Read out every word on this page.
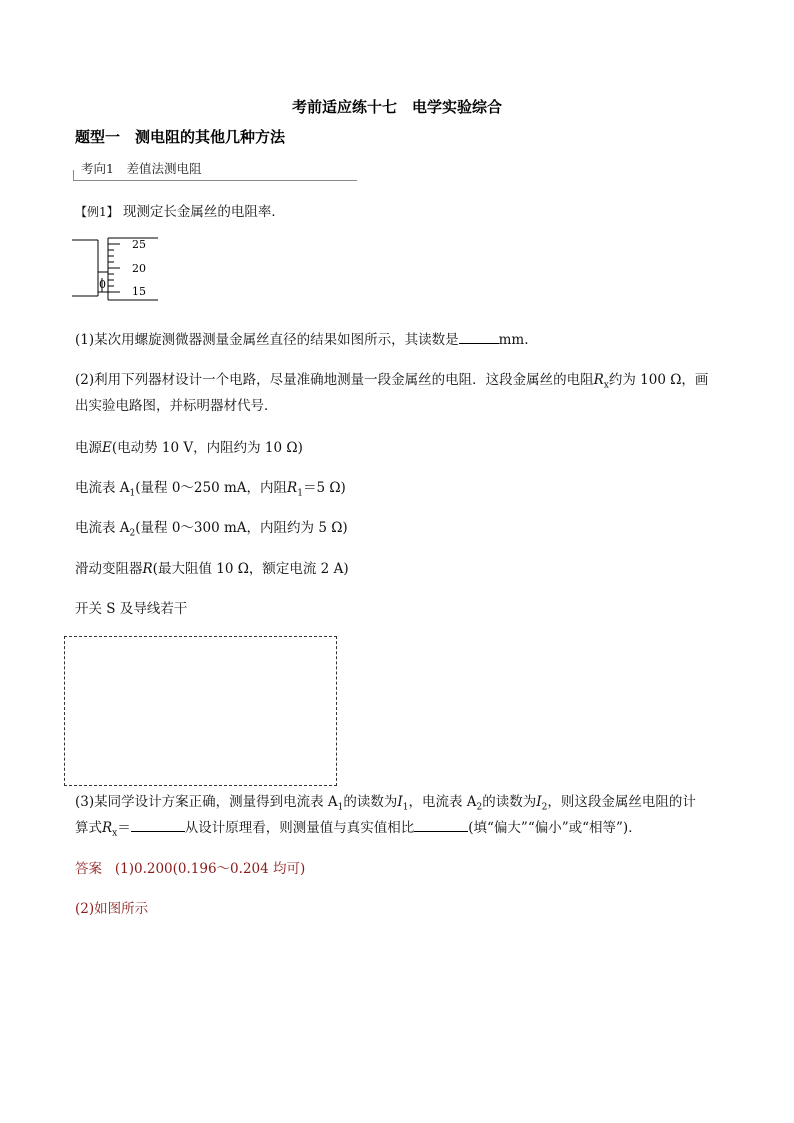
考前适应练十七　电学实验综合
题型一　测电阻的其他几种方法
考向1　差值法测电阻
【例1】 现测定长金属丝的电阻率．
25
20
15
0
(1)某次用螺旋测微器测量金属丝直径的结果如图所示，其读数是	mm.
(2)利用下列器材设计一个电路，尽量准确地测量一段金属丝的电阻．这段金属丝的电阻$R_x$约为 100 Ω，画
出实验电路图，并标明器材代号．
电源E(电动势 10 V，内阻约为 10 Ω)
电流表 $A_1$(量程 0～250 mA，内阻$R_1=5$ Ω)
电流表 $A_2$(量程 0～300 mA，内阻约为 5 Ω)
滑动变阻器R(最大阻值 10 Ω，额定电流 2 A)
开关 S 及导线若干
(3)某同学设计方案正确，测量得到电流表 $A_1$的读数为$I_1$，电流表 $A_2$的读数为$I_2$，则这段金属丝电阻的计
算式$R_x=$	从设计原理看，则测量值与真实值相比	(填“偏大”“偏小”或“相等”)．
答案 (1)0.200(0.196～0.204 均可)
(2)如图所示
